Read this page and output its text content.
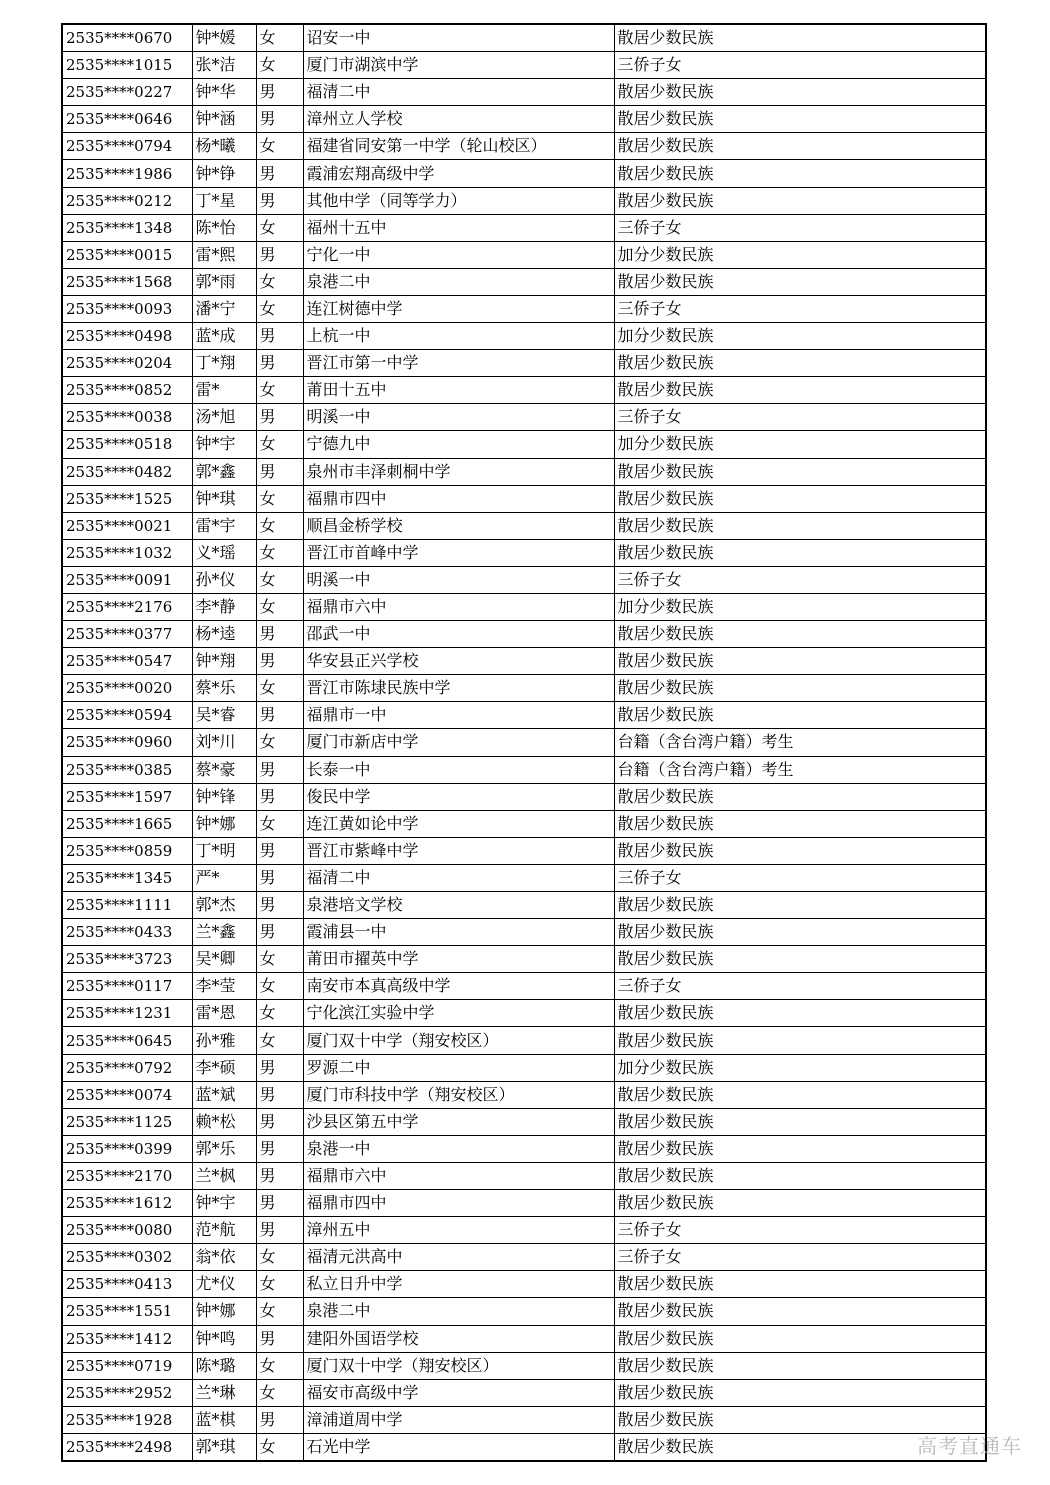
2535****0670	钟*媛	女	诏安一中	散居少数民族
2535****1015	张*洁	女	厦门市湖滨中学	三侨子女
2535****0227	钟*华	男	福清二中	散居少数民族
2535****0646	钟*涵	男	漳州立人学校	散居少数民族
2535****0794	杨*曦	女	福建省同安第一中学（轮山校区）	散居少数民族
2535****1986	钟*铮	男	霞浦宏翔高级中学	散居少数民族
2535****0212	丁*星	男	其他中学（同等学力）	散居少数民族
2535****1348	陈*怡	女	福州十五中	三侨子女
2535****0015	雷*熙	男	宁化一中	加分少数民族
2535****1568	郭*雨	女	泉港二中	散居少数民族
2535****0093	潘*宁	女	连江树德中学	三侨子女
2535****0498	蓝*成	男	上杭一中	加分少数民族
2535****0204	丁*翔	男	晋江市第一中学	散居少数民族
2535****0852	雷*	女	莆田十五中	散居少数民族
2535****0038	汤*旭	男	明溪一中	三侨子女
2535****0518	钟*宇	女	宁德九中	加分少数民族
2535****0482	郭*鑫	男	泉州市丰泽刺桐中学	散居少数民族
2535****1525	钟*琪	女	福鼎市四中	散居少数民族
2535****0021	雷*宇	女	顺昌金桥学校	散居少数民族
2535****1032	义*瑶	女	晋江市首峰中学	散居少数民族
2535****0091	孙*仪	女	明溪一中	三侨子女
2535****2176	李*静	女	福鼎市六中	加分少数民族
2535****0377	杨*逵	男	邵武一中	散居少数民族
2535****0547	钟*翔	男	华安县正兴学校	散居少数民族
2535****0020	蔡*乐	女	晋江市陈埭民族中学	散居少数民族
2535****0594	吴*睿	男	福鼎市一中	散居少数民族
2535****0960	刘*川	女	厦门市新店中学	台籍（含台湾户籍）考生
2535****0385	蔡*豪	男	长泰一中	台籍（含台湾户籍）考生
2535****1597	钟*锋	男	俊民中学	散居少数民族
2535****1665	钟*娜	女	连江黄如论中学	散居少数民族
2535****0859	丁*明	男	晋江市紫峰中学	散居少数民族
2535****1345	严*	男	福清二中	三侨子女
2535****1111	郭*杰	男	泉港培文学校	散居少数民族
2535****0433	兰*鑫	男	霞浦县一中	散居少数民族
2535****3723	吴*卿	女	莆田市擢英中学	散居少数民族
2535****0117	李*莹	女	南安市本真高级中学	三侨子女
2535****1231	雷*恩	女	宁化滨江实验中学	散居少数民族
2535****0645	孙*雅	女	厦门双十中学（翔安校区）	散居少数民族
2535****0792	李*硕	男	罗源二中	加分少数民族
2535****0074	蓝*斌	男	厦门市科技中学（翔安校区）	散居少数民族
2535****1125	赖*松	男	沙县区第五中学	散居少数民族
2535****0399	郭*乐	男	泉港一中	散居少数民族
2535****2170	兰*枫	男	福鼎市六中	散居少数民族
2535****1612	钟*宇	男	福鼎市四中	散居少数民族
2535****0080	范*航	男	漳州五中	三侨子女
2535****0302	翁*依	女	福清元洪高中	三侨子女
2535****0413	尤*仪	女	私立日升中学	散居少数民族
2535****1551	钟*娜	女	泉港二中	散居少数民族
2535****1412	钟*鸣	男	建阳外国语学校	散居少数民族
2535****0719	陈*璐	女	厦门双十中学（翔安校区）	散居少数民族
2535****2952	兰*琳	女	福安市高级中学	散居少数民族
2535****1928	蓝*棋	男	漳浦道周中学	散居少数民族
2535****2498	郭*琪	女	石光中学	散居少数民族	高考直通车
